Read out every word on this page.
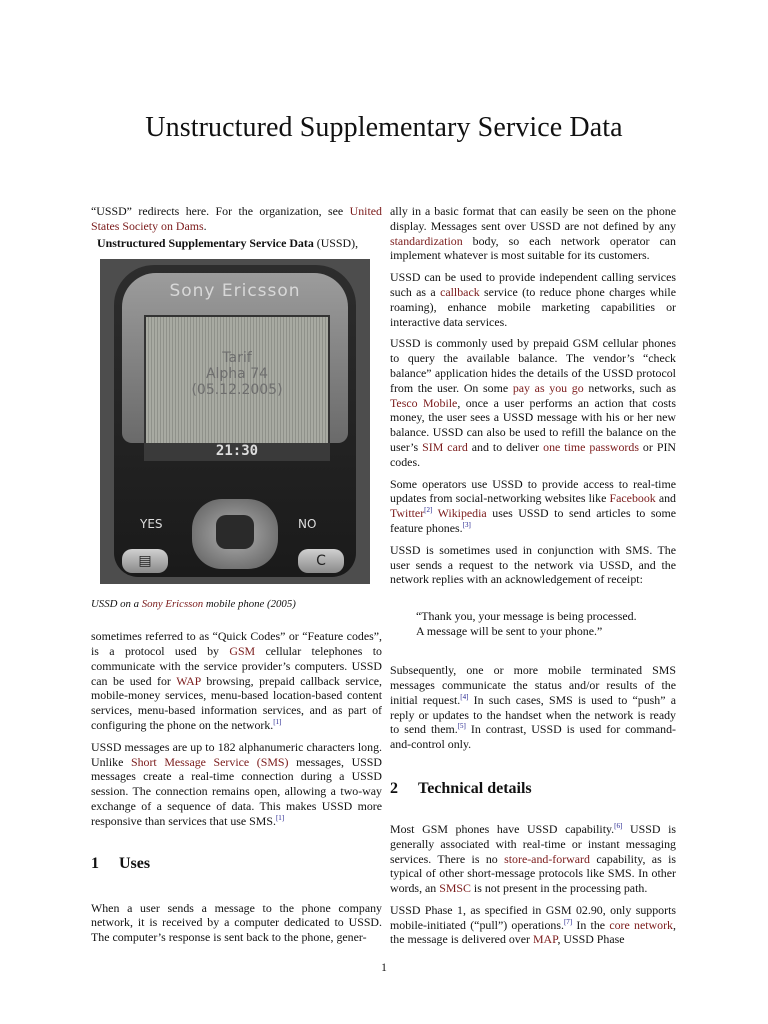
Unstructured Supplementary Service Data

“USSD” redirects here. For the organization, see United States Society on Dams.

Unstructured Supplementary Service Data (USSD),

Sony Ericsson
Tarif
Alpha 74
(05.12.2005)
21:30
YES	NO
▤	C

USSD on a Sony Ericsson mobile phone (2005)

sometimes referred to as “Quick Codes” or “Feature codes”, is a protocol used by GSM cellular telephones to communicate with the service provider’s computers. USSD can be used for WAP browsing, prepaid callback service, mobile-money services, menu-based location-based content services, menu-based information services, and as part of configuring the phone on the network.[1]

USSD messages are up to 182 alphanumeric characters long. Unlike Short Message Service (SMS) messages, USSD messages create a real-time connection during a USSD session. The connection remains open, allowing a two-way exchange of a sequence of data. This makes USSD more responsive than services that use SMS.[1]

1 Uses

When a user sends a message to the phone company network, it is received by a computer dedicated to USSD. The computer’s response is sent back to the phone, gener-

ally in a basic format that can easily be seen on the phone display. Messages sent over USSD are not defined by any standardization body, so each network operator can implement whatever is most suitable for its customers.

USSD can be used to provide independent calling services such as a callback service (to reduce phone charges while roaming), enhance mobile marketing capabilities or interactive data services.

USSD is commonly used by prepaid GSM cellular phones to query the available balance. The vendor’s “check balance” application hides the details of the USSD protocol from the user. On some pay as you go networks, such as Tesco Mobile, once a user performs an action that costs money, the user sees a USSD message with his or her new balance. USSD can also be used to refill the balance on the user’s SIM card and to deliver one time passwords or PIN codes.

Some operators use USSD to provide access to real-time updates from social-networking websites like Facebook and Twitter[2] Wikipedia uses USSD to send articles to some feature phones.[3]

USSD is sometimes used in conjunction with SMS. The user sends a request to the network via USSD, and the network replies with an acknowledgement of receipt:

“Thank you, your message is being processed.
A message will be sent to your phone.”

Subsequently, one or more mobile terminated SMS messages communicate the status and/or results of the initial request.[4] In such cases, SMS is used to “push” a reply or updates to the handset when the network is ready to send them.[5] In contrast, USSD is used for command-and-control only.

2 Technical details

Most GSM phones have USSD capability.[6] USSD is generally associated with real-time or instant messaging services. There is no store-and-forward capability, as is typical of other short-message protocols like SMS. In other words, an SMSC is not present in the processing path.

USSD Phase 1, as specified in GSM 02.90, only supports mobile-initiated (“pull”) operations.[7] In the core network, the message is delivered over MAP, USSD Phase

1
